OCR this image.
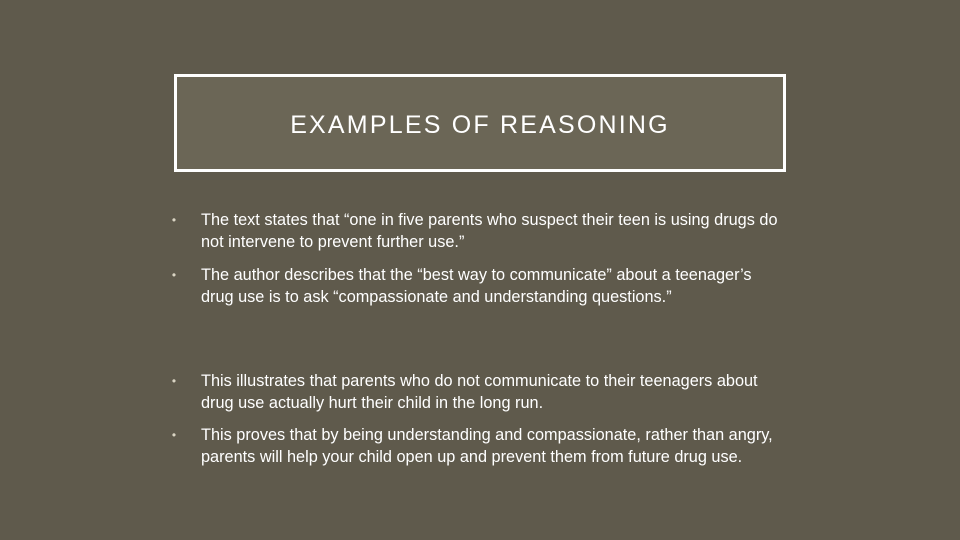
EXAMPLES OF REASONING
• The text states that “one in five parents who suspect their teen is using drugs do not intervene to prevent further use.”
• The author describes that the “best way to communicate” about a teenager’s drug use is to ask “compassionate and understanding questions.”
• This illustrates that parents who do not communicate to their teenagers about drug use actually hurt their child in the long run.
• This proves that by being understanding and compassionate, rather than angry, parents will help your child open up and prevent them from future drug use.
